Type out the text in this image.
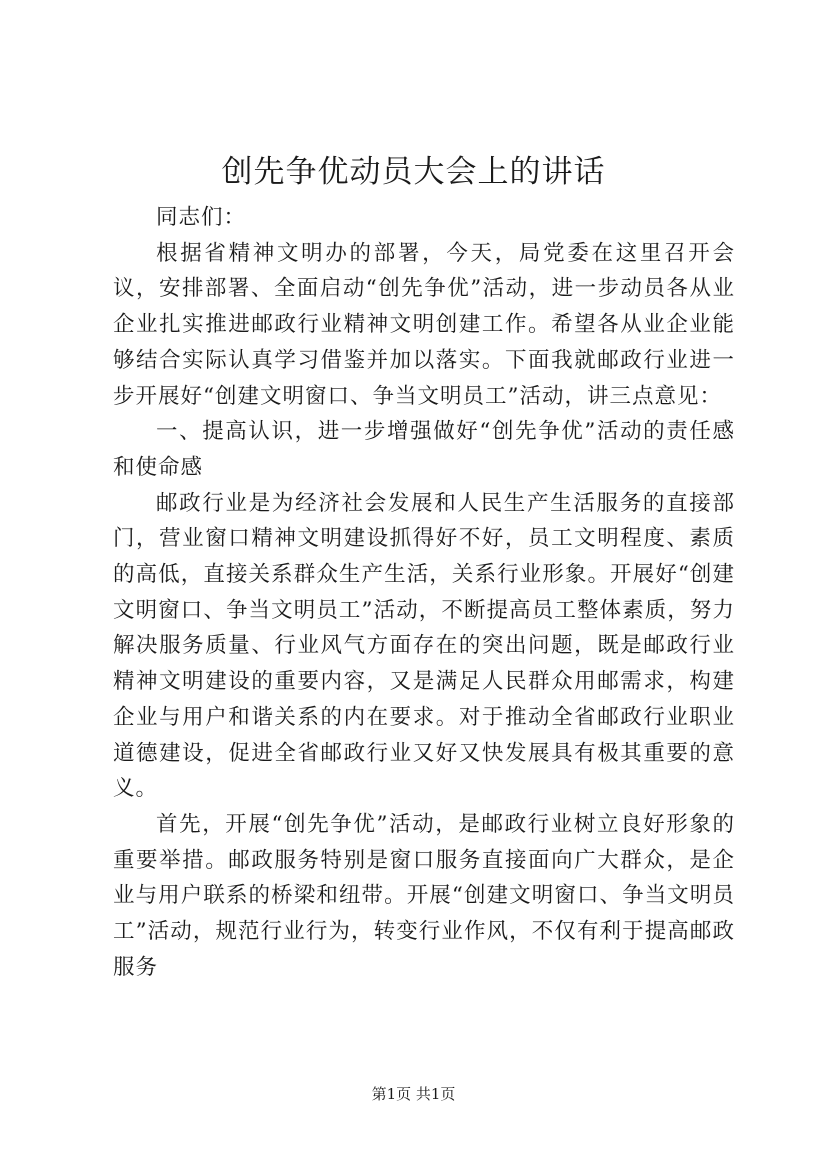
创先争优动员大会上的讲话

同志们：

根据省精神文明办的部署，今天，局党委在这里召开会议，安排部署、全面启动“创先争优”活动，进一步动员各从业企业扎实推进邮政行业精神文明创建工作。希望各从业企业能够结合实际认真学习借鉴并加以落实。下面我就邮政行业进一步开展好“创建文明窗口、争当文明员工”活动，讲三点意见：

一、提高认识，进一步增强做好“创先争优”活动的责任感和使命感

邮政行业是为经济社会发展和人民生产生活服务的直接部门，营业窗口精神文明建设抓得好不好，员工文明程度、素质的高低，直接关系群众生产生活，关系行业形象。开展好“创建文明窗口、争当文明员工”活动，不断提高员工整体素质，努力解决服务质量、行业风气方面存在的突出问题，既是邮政行业精神文明建设的重要内容，又是满足人民群众用邮需求，构建企业与用户和谐关系的内在要求。对于推动全省邮政行业职业道德建设，促进全省邮政行业又好又快发展具有极其重要的意义。

首先，开展“创先争优”活动，是邮政行业树立良好形象的重要举措。邮政服务特别是窗口服务直接面向广大群众，是企业与用户联系的桥梁和纽带。开展“创建文明窗口、争当文明员工”活动，规范行业行为，转变行业作风，不仅有利于提高邮政服务

第1页 共1页
